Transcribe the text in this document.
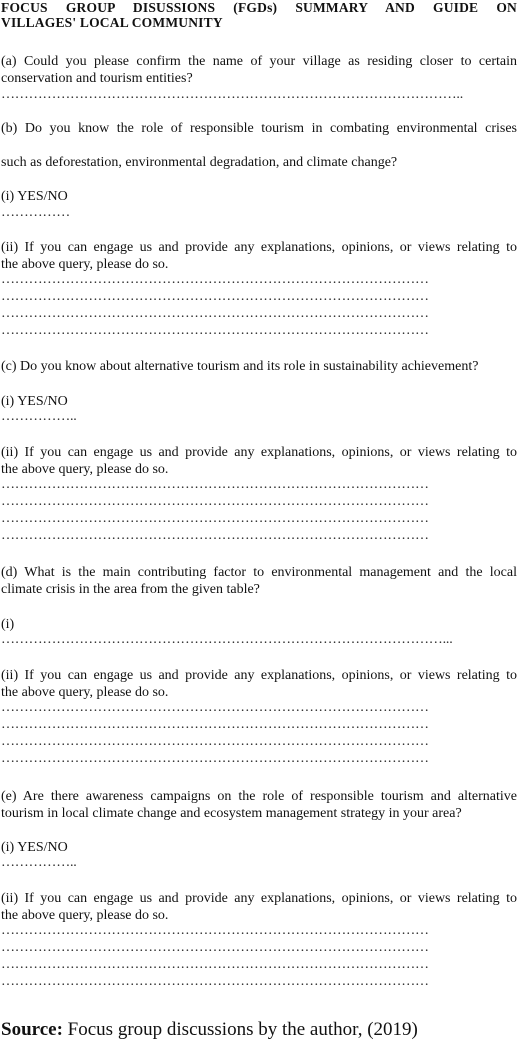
FOCUS GROUP DISUSSIONS (FGDs) SUMMARY AND GUIDE ON
VILLAGES' LOCAL COMMUNITY
(a) Could you please confirm the name of your village as residing closer to certain
conservation and tourism entities?
………………………………………………………………………………………..
(b) Do you know the role of responsible tourism in combating environmental crises
such as deforestation, environmental degradation, and climate change?
(i) YES/NO
……………
(ii) If you can engage us and provide any explanations, opinions, or views relating to
the above query, please do so.
…………………………………………………………………………………
…………………………………………………………………………………
…………………………………………………………………………………
…………………………………………………………………………………
(c) Do you know about alternative tourism and its role in sustainability achievement?
(i) YES/NO
……………..
(ii) If you can engage us and provide any explanations, opinions, or views relating to
the above query, please do so.
…………………………………………………………………………………
…………………………………………………………………………………
…………………………………………………………………………………
…………………………………………………………………………………
(d) What is the main contributing factor to environmental management and the local
climate crisis in the area from the given table?
(i)
……………………………………………………………………………………...
(ii) If you can engage us and provide any explanations, opinions, or views relating to
the above query, please do so.
…………………………………………………………………………………
…………………………………………………………………………………
…………………………………………………………………………………
…………………………………………………………………………………
(e) Are there awareness campaigns on the role of responsible tourism and alternative
tourism in local climate change and ecosystem management strategy in your area?
(i) YES/NO
……………..
(ii) If you can engage us and provide any explanations, opinions, or views relating to
the above query, please do so.
…………………………………………………………………………………
…………………………………………………………………………………
…………………………………………………………………………………
…………………………………………………………………………………
Source: Focus group discussions by the author, (2019)
